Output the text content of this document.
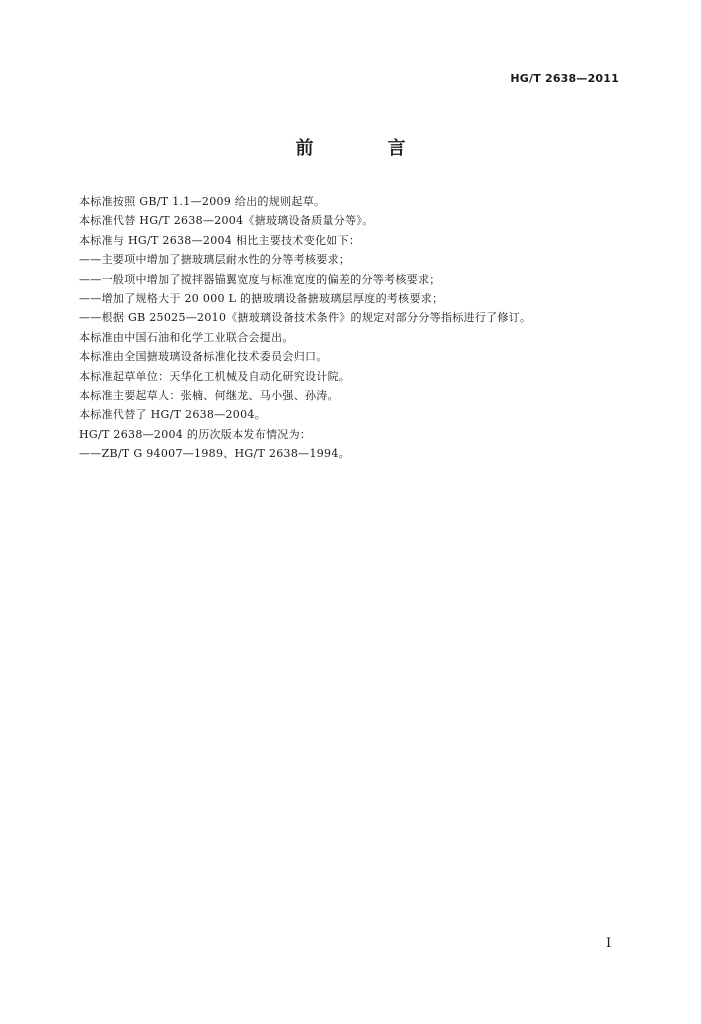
HG/T 2638—2011
前　言
本标准按照 GB/T 1.1—2009 给出的规则起草。
本标准代替 HG/T 2638—2004《搪玻璃设备质量分等》。
本标准与 HG/T 2638—2004 相比主要技术变化如下：
——主要项中增加了搪玻璃层耐水性的分等考核要求；
——一般项中增加了搅拌器锚翼宽度与标准宽度的偏差的分等考核要求；
——增加了规格大于 20 000 L 的搪玻璃设备搪玻璃层厚度的考核要求；
——根据 GB 25025—2010《搪玻璃设备技术条件》的规定对部分分等指标进行了修订。
本标准由中国石油和化学工业联合会提出。
本标准由全国搪玻璃设备标准化技术委员会归口。
本标准起草单位：天华化工机械及自动化研究设计院。
本标准主要起草人：张楠、何继龙、马小强、孙涛。
本标准代替了 HG/T 2638—2004。
HG/T 2638—2004 的历次版本发布情况为：
——ZB/T G 94007—1989、HG/T 2638—1994。
I
